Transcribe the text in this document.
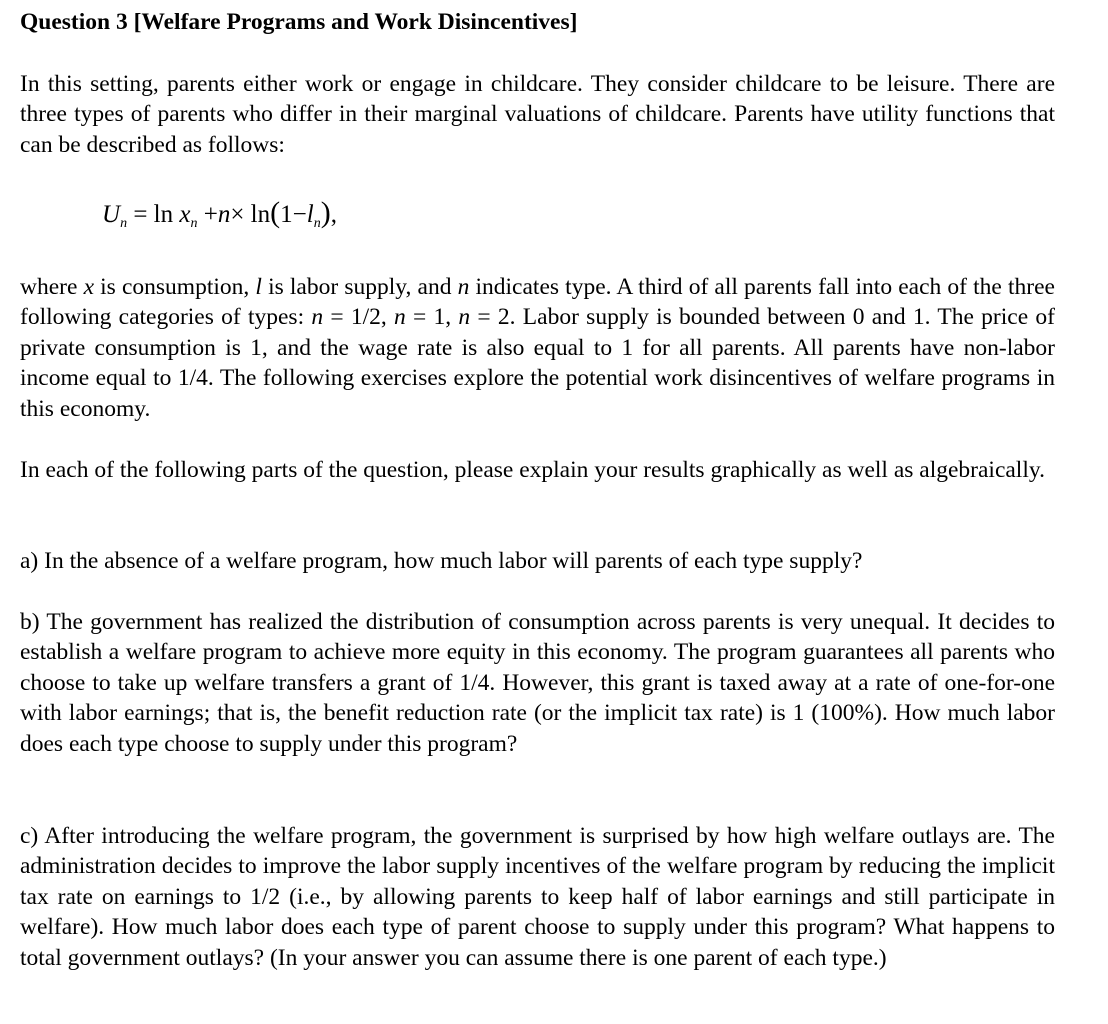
Question 3 [Welfare Programs and Work Disincentives]

In this setting, parents either work or engage in childcare. They consider childcare to be leisure. There are three types of parents who differ in their marginal valuations of childcare. Parents have utility functions that can be described as follows:

$U_n = \ln x_n +n\times \ln(1-l_n)$,

where x is consumption, l is labor supply, and n indicates type. A third of all parents fall into each of the three following categories of types: n = 1/2, n = 1, n = 2. Labor supply is bounded between 0 and 1. The price of private consumption is 1, and the wage rate is also equal to 1 for all parents. All parents have non-labor income equal to 1/4. The following exercises explore the potential work disincentives of welfare programs in this economy.

In each of the following parts of the question, please explain your results graphically as well as algebraically.

a) In the absence of a welfare program, how much labor will parents of each type supply?

b) The government has realized the distribution of consumption across parents is very unequal. It decides to establish a welfare program to achieve more equity in this economy. The program guarantees all parents who choose to take up welfare transfers a grant of 1/4. However, this grant is taxed away at a rate of one-for-one with labor earnings; that is, the benefit reduction rate (or the implicit tax rate) is 1 (100%). How much labor does each type choose to supply under this program?

c) After introducing the welfare program, the government is surprised by how high welfare outlays are. The administration decides to improve the labor supply incentives of the welfare program by reducing the implicit tax rate on earnings to 1/2 (i.e., by allowing parents to keep half of labor earnings and still participate in welfare). How much labor does each type of parent choose to supply under this program? What happens to total government outlays? (In your answer you can assume there is one parent of each type.)
